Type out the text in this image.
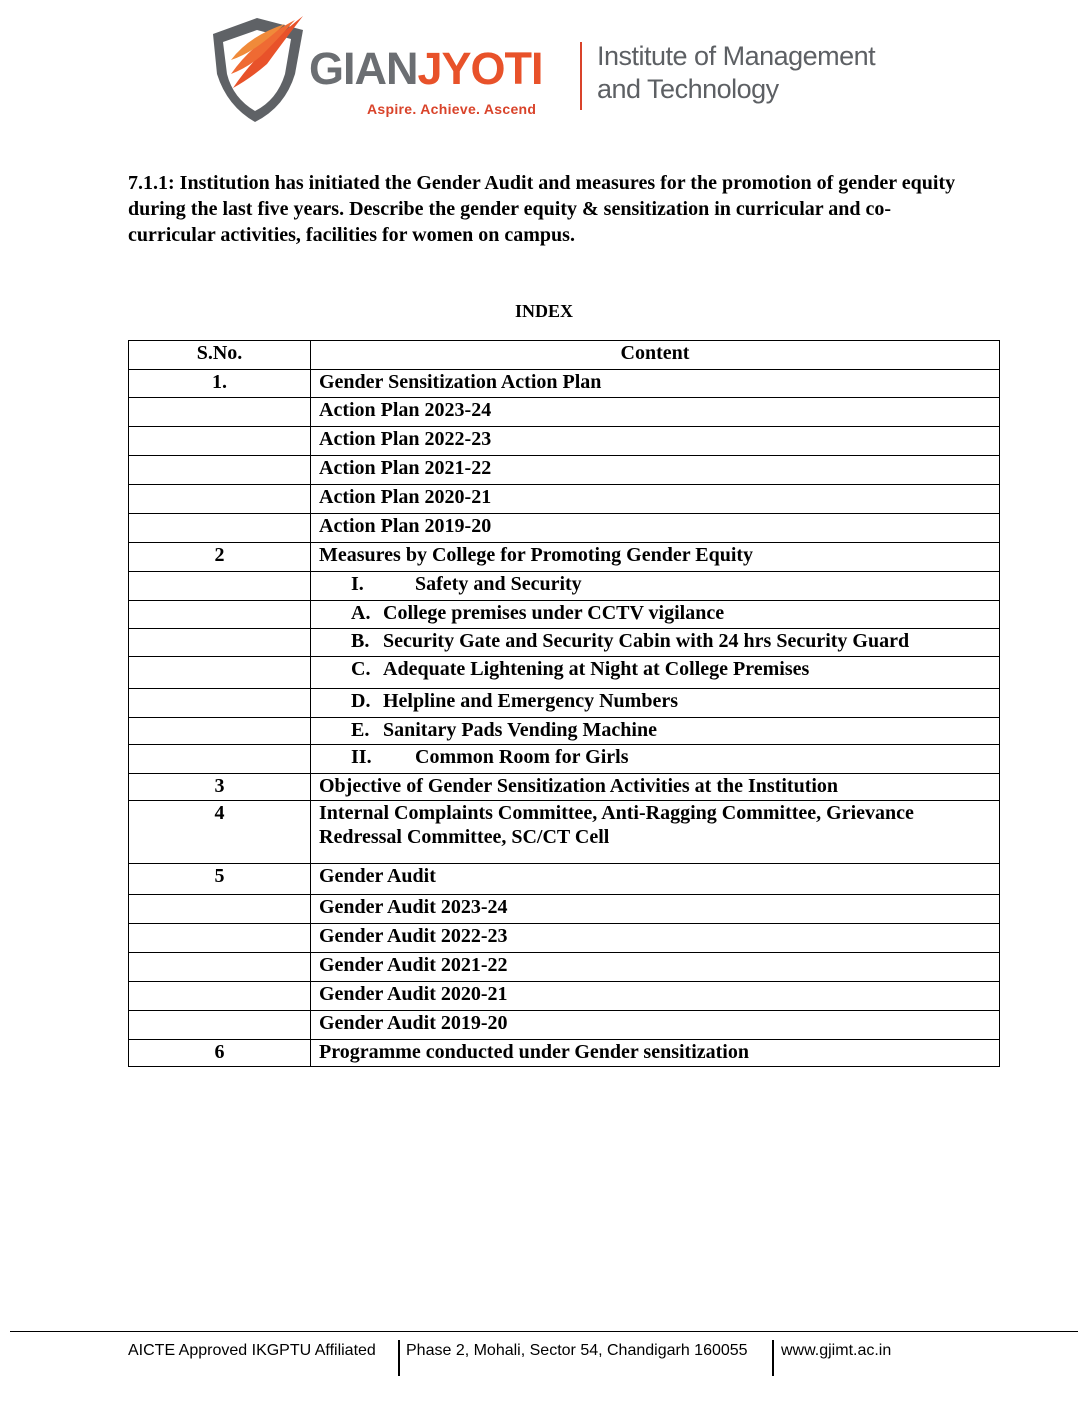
GIANJYOTI
Aspire. Achieve. Ascend
Institute of Management
and Technology
7.1.1: Institution has initiated the Gender Audit and measures for the promotion of gender equity during the last five years. Describe the gender equity & sensitization in curricular and co-curricular activities, facilities for women on campus.
INDEX
S.No.	Content
1.	Gender Sensitization Action Plan
	Action Plan 2023-24
	Action Plan 2022-23
	Action Plan 2021-22
	Action Plan 2020-21
	Action Plan 2019-20
2	Measures by College for Promoting Gender Equity
	I. Safety and Security
	A. College premises under CCTV vigilance
	B. Security Gate and Security Cabin with 24 hrs Security Guard
	C. Adequate Lightening at Night at College Premises
	D. Helpline and Emergency Numbers
	E. Sanitary Pads Vending Machine
	II. Common Room for Girls
3	Objective of Gender Sensitization Activities at the Institution
4	Internal Complaints Committee, Anti-Ragging Committee, Grievance Redressal Committee, SC/CT Cell
5	Gender Audit
	Gender Audit 2023-24
	Gender Audit 2022-23
	Gender Audit 2021-22
	Gender Audit 2020-21
	Gender Audit 2019-20
6	Programme conducted under Gender sensitization
AICTE Approved IKGPTU Affiliated Phase 2, Mohali, Sector 54, Chandigarh 160055 www.gjimt.ac.in
